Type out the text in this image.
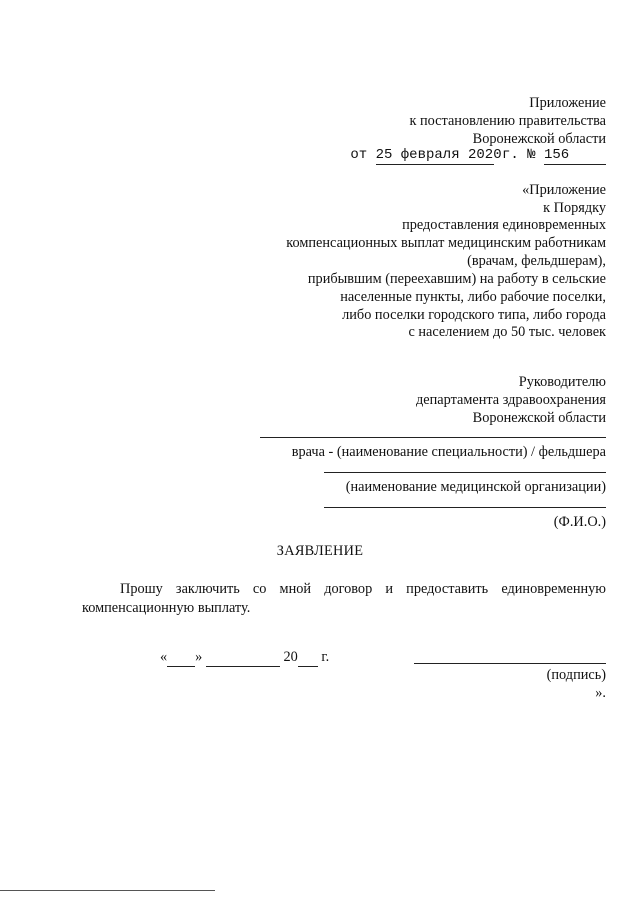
Приложение
к постановлению правительства
Воронежской области
от 25 февраля 2020 г. № 156
«Приложение
к Порядку
предоставления единовременных
компенсационных выплат медицинским работникам
(врачам, фельдшерам),
прибывшим (переехавшим) на работу в сельские
населенные пункты, либо рабочие поселки,
либо поселки городского типа, либо города
с населением до 50 тыс. человек
Руководителю
департамента здравоохранения
Воронежской области
врача - (наименование специальности) / фельдшера
(наименование медицинской организации)
(Ф.И.О.)
ЗАЯВЛЕНИЕ
Прошу заключить со мной договор и предоставить единовременную
компенсационную выплату.
« »	20 г.
(подпись)
».
